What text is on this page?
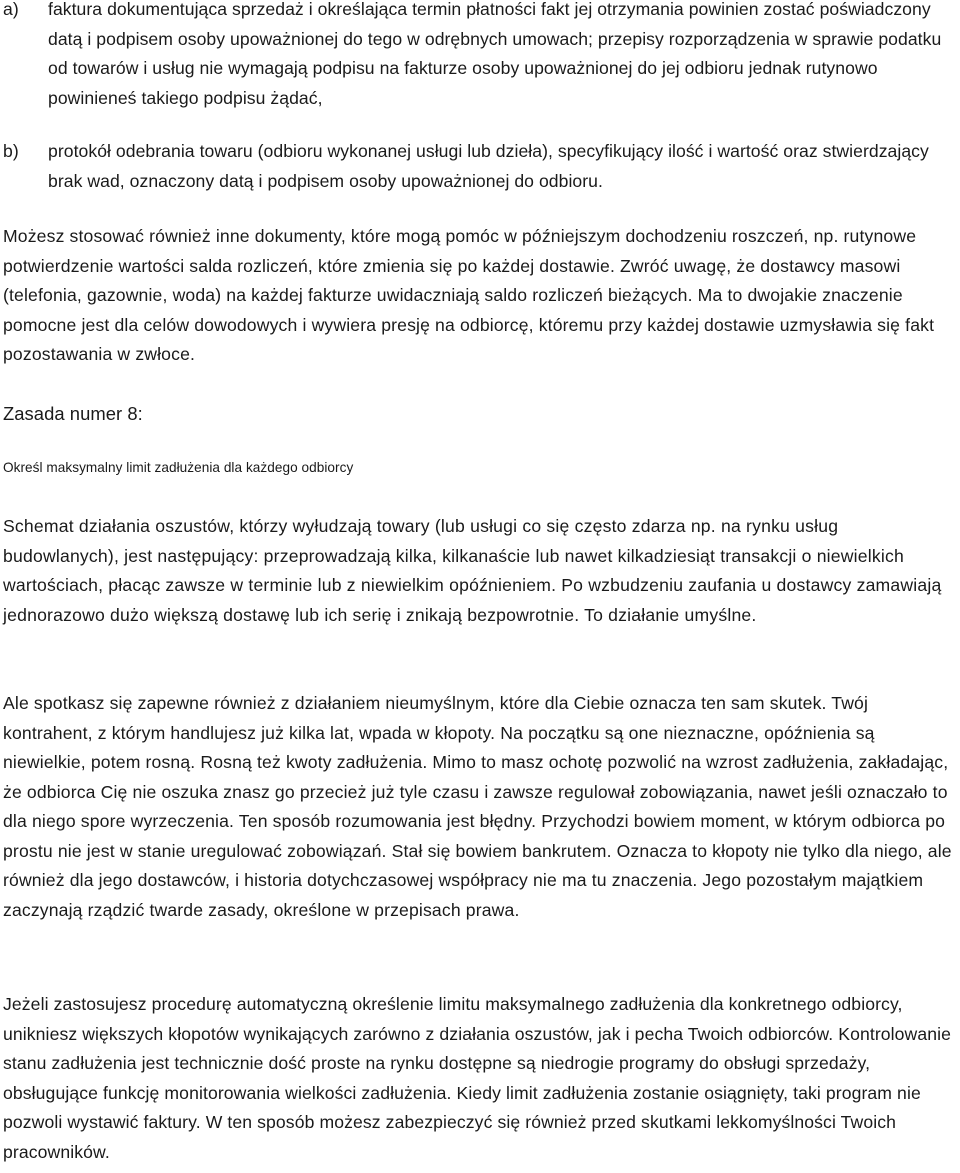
a) faktura dokumentująca sprzedaż i określająca termin płatności fakt jej otrzymania powinien zostać poświadczony datą i podpisem osoby upoważnionej do tego w odrębnych umowach; przepisy rozporządzenia w sprawie podatku od towarów i usług nie wymagają podpisu na fakturze osoby upoważnionej do jej odbioru jednak rutynowo powinieneś takiego podpisu żądać,

b) protokół odebrania towaru (odbioru wykonanej usługi lub dzieła), specyfikujący ilość i wartość oraz stwierdzający brak wad, oznaczony datą i podpisem osoby upoważnionej do odbioru.

Możesz stosować również inne dokumenty, które mogą pomóc w późniejszym dochodzeniu roszczeń, np. rutynowe potwierdzenie wartości salda rozliczeń, które zmienia się po każdej dostawie. Zwróć uwagę, że dostawcy masowi (telefonia, gazownie, woda) na każdej fakturze uwidaczniają saldo rozliczeń bieżących. Ma to dwojakie znaczenie pomocne jest dla celów dowodowych i wywiera presję na odbiorcę, któremu przy każdej dostawie uzmysławia się fakt pozostawania w zwłoce.

Zasada numer 8:

Określ maksymalny limit zadłużenia dla każdego odbiorcy

Schemat działania oszustów, którzy wyłudzają towary (lub usługi co się często zdarza np. na rynku usług budowlanych), jest następujący: przeprowadzają kilka, kilkanaście lub nawet kilkadziesiąt transakcji o niewielkich wartościach, płacąc zawsze w terminie lub z niewielkim opóźnieniem. Po wzbudzeniu zaufania u dostawcy zamawiają jednorazowo dużo większą dostawę lub ich serię i znikają bezpowrotnie. To działanie umyślne.

Ale spotkasz się zapewne również z działaniem nieumyślnym, które dla Ciebie oznacza ten sam skutek. Twój kontrahent, z którym handlujesz już kilka lat, wpada w kłopoty. Na początku są one nieznaczne, opóźnienia są niewielkie, potem rosną. Rosną też kwoty zadłużenia. Mimo to masz ochotę pozwolić na wzrost zadłużenia, zakładając, że odbiorca Cię nie oszuka znasz go przecież już tyle czasu i zawsze regulował zobowiązania, nawet jeśli oznaczało to dla niego spore wyrzeczenia. Ten sposób rozumowania jest błędny. Przychodzi bowiem moment, w którym odbiorca po prostu nie jest w stanie uregulować zobowiązań. Stał się bowiem bankrutem. Oznacza to kłopoty nie tylko dla niego, ale również dla jego dostawców, i historia dotychczasowej współpracy nie ma tu znaczenia. Jego pozostałym majątkiem zaczynają rządzić twarde zasady, określone w przepisach prawa.

Jeżeli zastosujesz procedurę automatyczną określenie limitu maksymalnego zadłużenia dla konkretnego odbiorcy, unikniesz większych kłopotów wynikających zarówno z działania oszustów, jak i pecha Twoich odbiorców. Kontrolowanie stanu zadłużenia jest technicznie dość proste na rynku dostępne są niedrogie programy do obsługi sprzedaży, obsługujące funkcję monitorowania wielkości zadłużenia. Kiedy limit zadłużenia zostanie osiągnięty, taki program nie pozwoli wystawić faktury. W ten sposób możesz zabezpieczyć się również przed skutkami lekkomyślności Twoich pracowników.
